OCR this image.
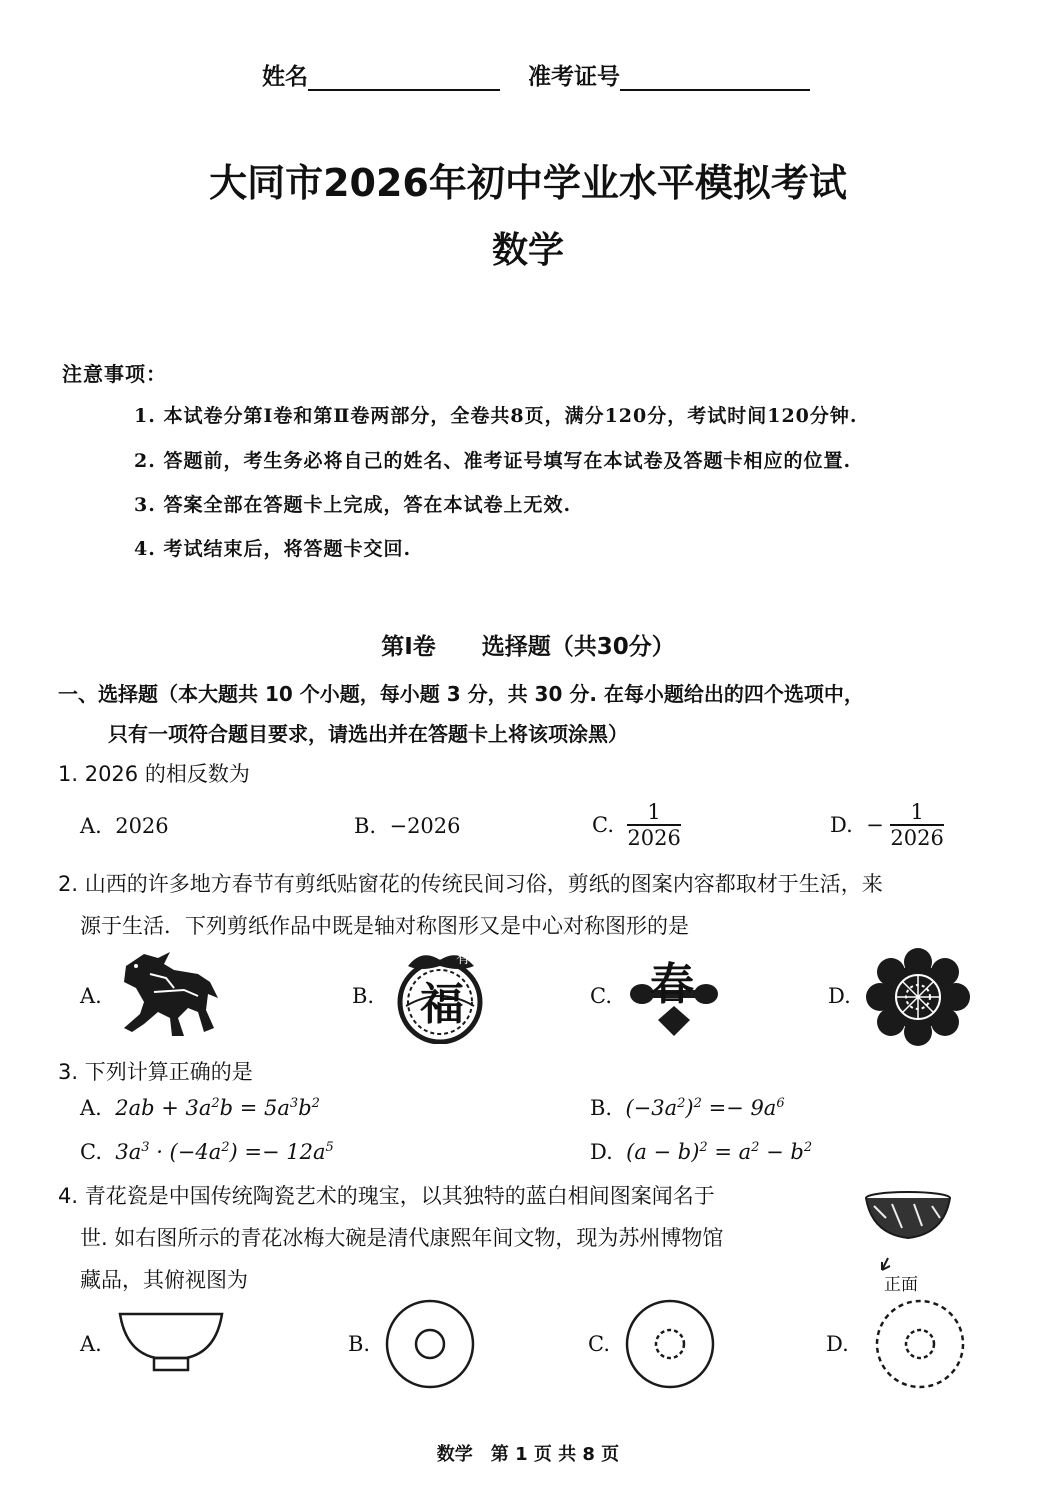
姓名	准考证号
大同市2026年初中学业水平模拟考试
数学
注意事项：
1. 本试卷分第Ⅰ卷和第Ⅱ卷两部分，全卷共8页，满分120分，考试时间120分钟.
2. 答题前，考生务必将自己的姓名、准考证号填写在本试卷及答题卡相应的位置.
3. 答案全部在答题卡上完成，答在本试卷上无效.
4. 考试结束后，将答题卡交回.
第Ⅰ卷　　选择题（共30分）
一、选择题（本大题共 10 个小题，每小题 3 分，共 30 分. 在每小题给出的四个选项中，
只有一项符合题目要求，请选出并在答题卡上将该项涂黑）
1. 2026 的相反数为
A. 2026	B. −2026	C. $\frac{1}{2026}$	D. − $\frac{1}{2026}$
2. 山西的许多地方春节有剪纸贴窗花的传统民间习俗，剪纸的图案内容都取材于生活，来
源于生活．下列剪纸作品中既是轴对称图形又是中心对称图形的是
A.	B.
有
福	C. 春	D.
3. 下列计算正确的是
A. $2ab + 3a^2b = 5a^3b^2$	B. $(-3a^2)^2 =- 9a^6$
C. $3a^3 \cdot (-4a^2) =- 12a^5$	D. $(a - b)^2 = a^2 - b^2$
4. 青花瓷是中国传统陶瓷艺术的瑰宝，以其独特的蓝白相间图案闻名于
世. 如右图所示的青花冰梅大碗是清代康熙年间文物，现为苏州博物馆
藏品，其俯视图为	正面
A.	B.	C.	D.
数学　第 1 页 共 8 页
